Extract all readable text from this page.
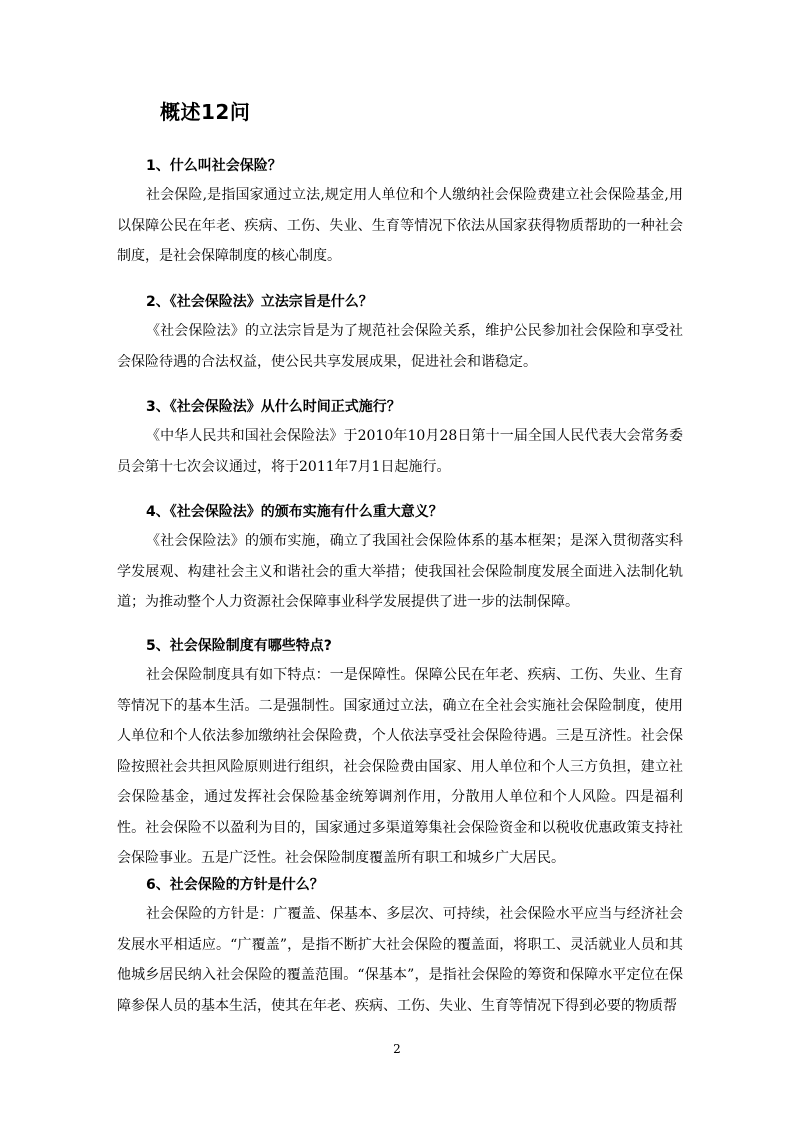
概述12问
1、什么叫社会保险？
社会保险,是指国家通过立法,规定用人单位和个人缴纳社会保险费建立社会保险基金,用以保障公民在年老、疾病、工伤、失业、生育等情况下依法从国家获得物质帮助的一种社会制度，是社会保障制度的核心制度。
2、《社会保险法》立法宗旨是什么？
《社会保险法》的立法宗旨是为了规范社会保险关系，维护公民参加社会保险和享受社会保险待遇的合法权益，使公民共享发展成果，促进社会和谐稳定。
3、《社会保险法》从什么时间正式施行？
《中华人民共和国社会保险法》于2010年10月28日第十一届全国人民代表大会常务委员会第十七次会议通过，将于2011年7月1日起施行。
4、《社会保险法》的颁布实施有什么重大意义？
《社会保险法》的颁布实施，确立了我国社会保险体系的基本框架；是深入贯彻落实科学发展观、构建社会主义和谐社会的重大举措；使我国社会保险制度发展全面进入法制化轨道；为推动整个人力资源社会保障事业科学发展提供了进一步的法制保障。
5、社会保险制度有哪些特点?
社会保险制度具有如下特点：一是保障性。保障公民在年老、疾病、工伤、失业、生育等情况下的基本生活。二是强制性。国家通过立法，确立在全社会实施社会保险制度，使用人单位和个人依法参加缴纳社会保险费，个人依法享受社会保险待遇。三是互济性。社会保险按照社会共担风险原则进行组织，社会保险费由国家、用人单位和个人三方负担，建立社会保险基金，通过发挥社会保险基金统筹调剂作用，分散用人单位和个人风险。四是福利性。社会保险不以盈利为目的，国家通过多渠道筹集社会保险资金和以税收优惠政策支持社会保险事业。五是广泛性。社会保险制度覆盖所有职工和城乡广大居民。
6、社会保险的方针是什么？
社会保险的方针是：广覆盖、保基本、多层次、可持续，社会保险水平应当与经济社会发展水平相适应。“广覆盖”，是指不断扩大社会保险的覆盖面，将职工、灵活就业人员和其他城乡居民纳入社会保险的覆盖范围。“保基本”，是指社会保险的筹资和保障水平定位在保障参保人员的基本生活，使其在年老、疾病、工伤、失业、生育等情况下得到必要的物质帮
2
